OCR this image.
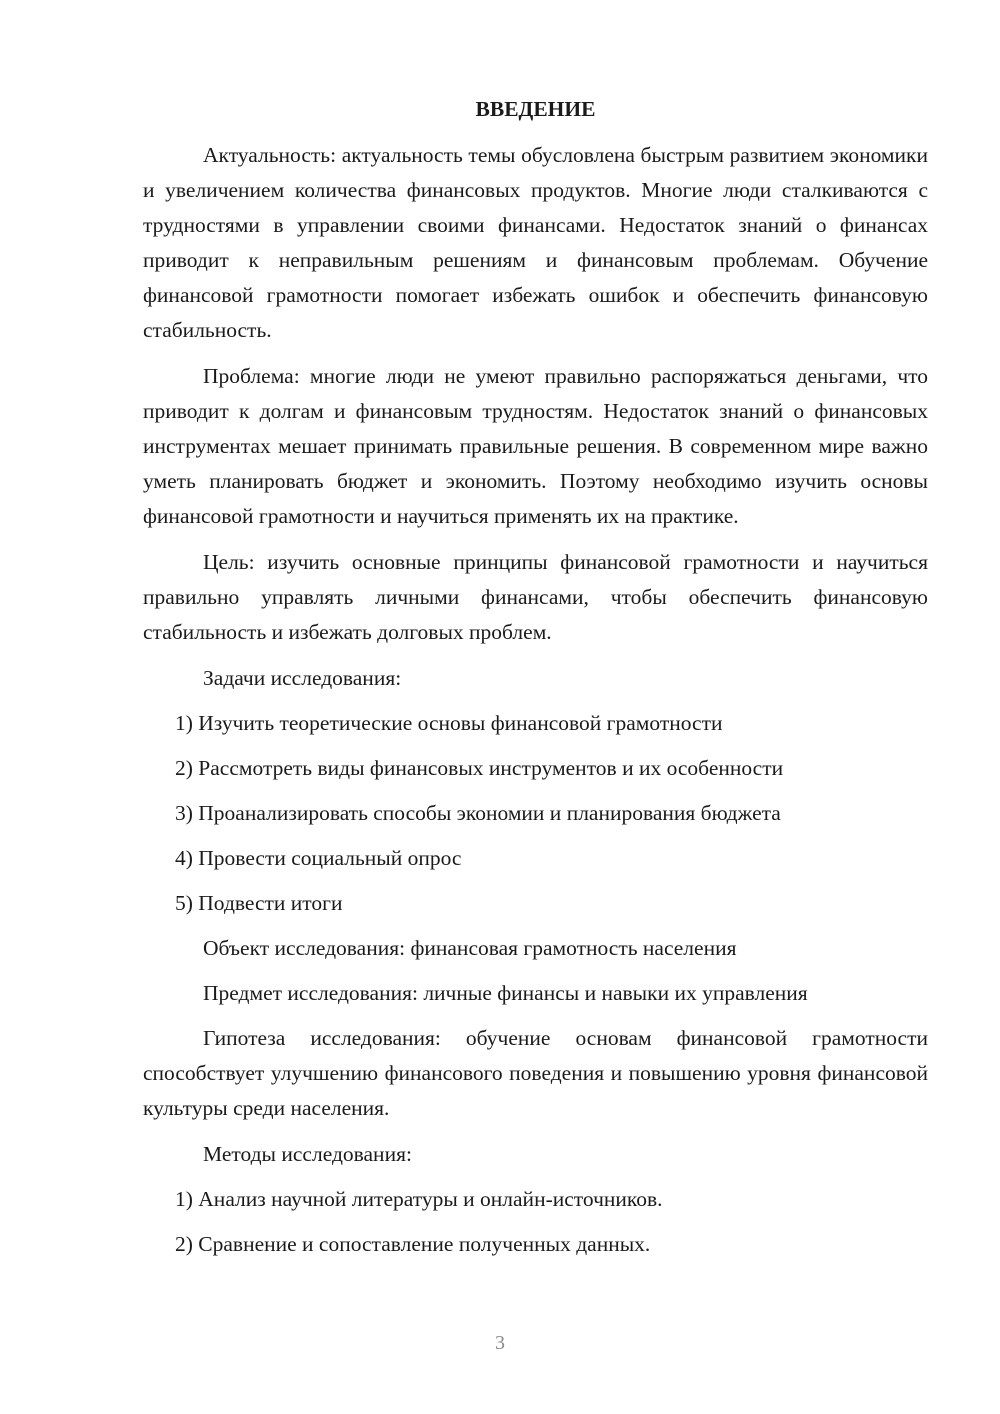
ВВЕДЕНИЕ

Актуальность: актуальность темы обусловлена быстрым развитием экономики и увеличением количества финансовых продуктов. Многие люди сталкиваются с трудностями в управлении своими финансами. Недостаток знаний о финансах приводит к неправильным решениям и финансовым проблемам. Обучение финансовой грамотности помогает избежать ошибок и обеспечить финансовую стабильность.

Проблема: многие люди не умеют правильно распоряжаться деньгами, что приводит к долгам и финансовым трудностям. Недостаток знаний о финансовых инструментах мешает принимать правильные решения. В современном мире важно уметь планировать бюджет и экономить. Поэтому необходимо изучить основы финансовой грамотности и научиться применять их на практике.

Цель: изучить основные принципы финансовой грамотности и научиться правильно управлять личными финансами, чтобы обеспечить финансовую стабильность и избежать долговых проблем.

Задачи исследования:

1) Изучить теоретические основы финансовой грамотности

2) Рассмотреть виды финансовых инструментов и их особенности

3) Проанализировать способы экономии и планирования бюджета

4) Провести социальный опрос

5) Подвести итоги

Объект исследования: финансовая грамотность населения

Предмет исследования: личные финансы и навыки их управления

Гипотеза исследования: обучение основам финансовой грамотности способствует улучшению финансового поведения и повышению уровня финансовой культуры среди населения.

Методы исследования:

1) Анализ научной литературы и онлайн-источников.

2) Сравнение и сопоставление полученных данных.

3
